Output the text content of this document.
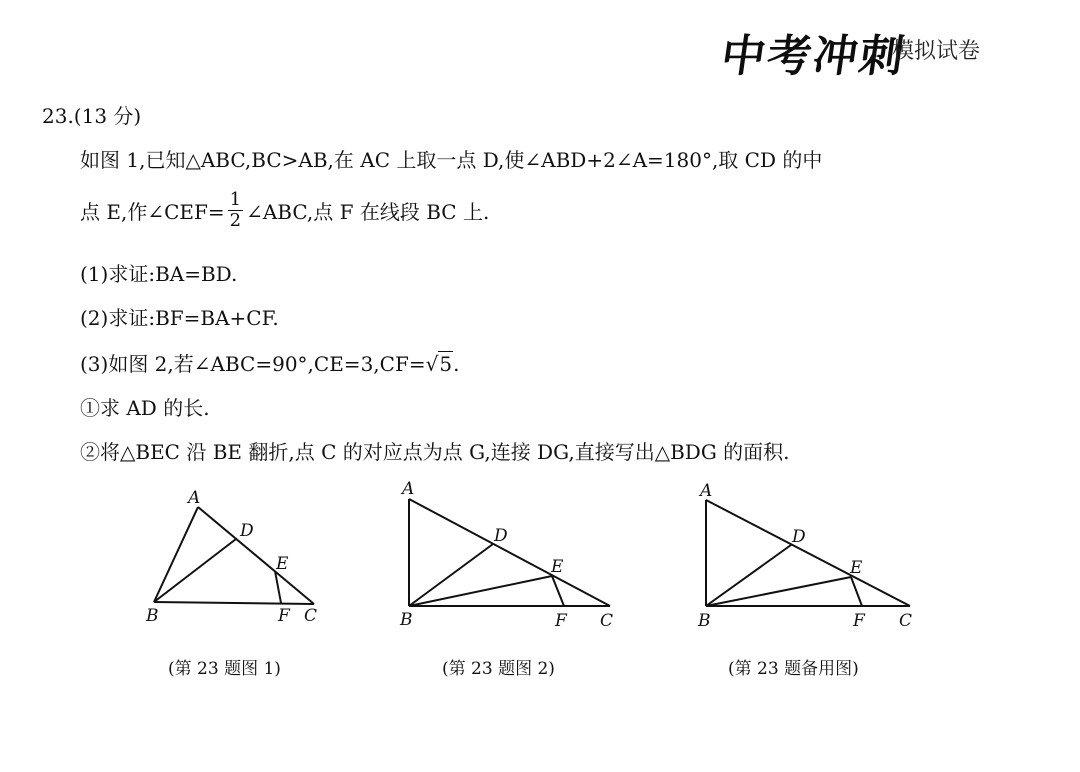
中考冲刺
模拟试卷
23.(13 分)
如图 1,已知△ABC,BC>AB,在 AC 上取一点 D,使∠ABD+2∠A=180°,取 CD 的中
点 E,作∠CEF= $\frac{1}{2}$ ∠ABC,点 F 在线段 BC 上.
(1)求证:BA=BD.
(2)求证:BF=BA+CF.
(3)如图 2,若∠ABC=90°,CE=3,CF=√5.
①求 AD 的长.
②将△BEC 沿 BE 翻折,点 C 的对应点为点 G,连接 DG,直接写出△BDG 的面积.
A
D
E
B	F C
A
D
E
B	F C
A
D
E
B	F C
(第 23 题图 1)	(第 23 题图 2)	(第 23 题备用图)
